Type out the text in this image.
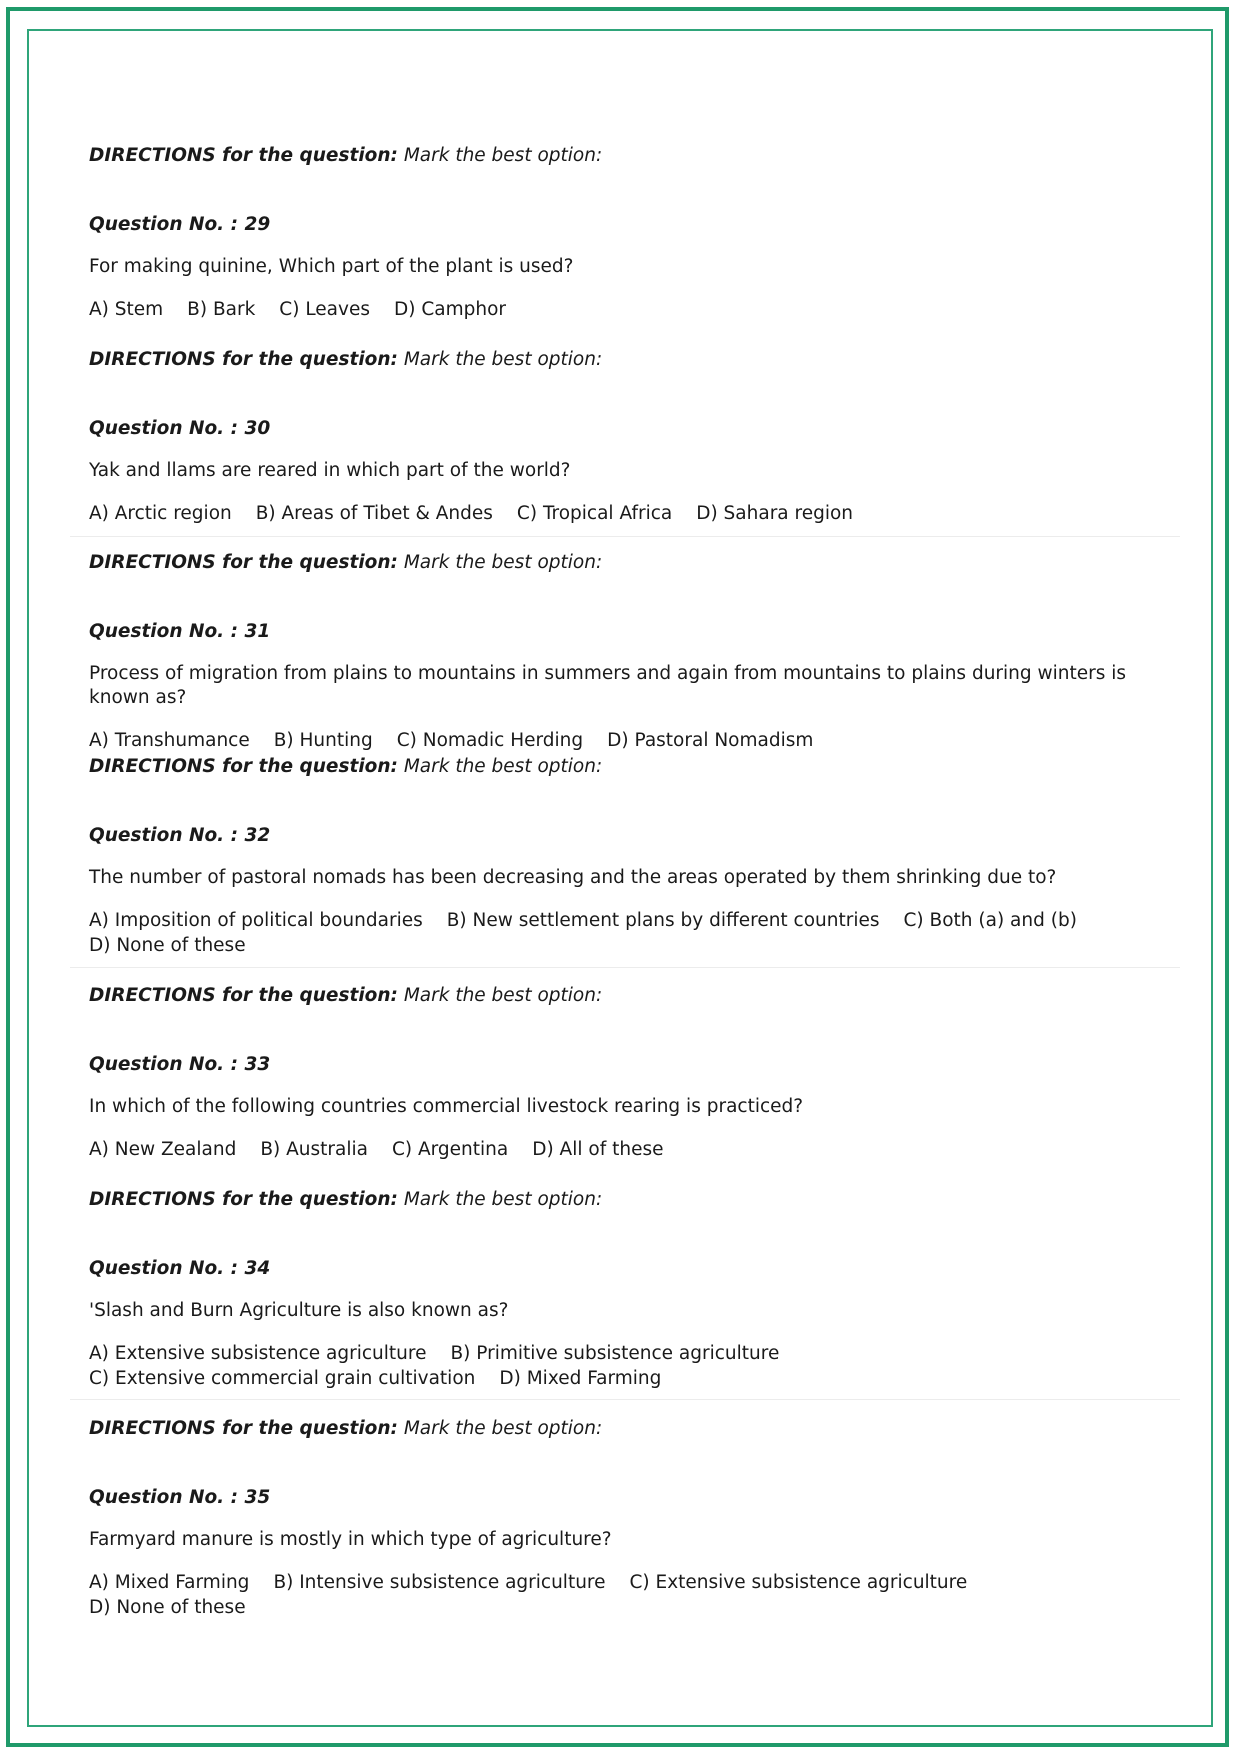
DIRECTIONS for the question: Mark the best option:
Question No. : 29
For making quinine, Which part of the plant is used?
A) Stem B) Bark C) Leaves D) Camphor
DIRECTIONS for the question: Mark the best option:
Question No. : 30
Yak and llams are reared in which part of the world?
A) Arctic region B) Areas of Tibet & Andes C) Tropical Africa D) Sahara region
DIRECTIONS for the question: Mark the best option:
Question No. : 31
Process of migration from plains to mountains in summers and again from mountains to plains during winters is known as?
A) Transhumance B) Hunting C) Nomadic Herding D) Pastoral Nomadism
DIRECTIONS for the question: Mark the best option:
Question No. : 32
The number of pastoral nomads has been decreasing and the areas operated by them shrinking due to?
A) Imposition of political boundaries B) New settlement plans by different countries C) Both (a) and (b)
D) None of these
DIRECTIONS for the question: Mark the best option:
Question No. : 33
In which of the following countries commercial livestock rearing is practiced?
A) New Zealand B) Australia C) Argentina D) All of these
DIRECTIONS for the question: Mark the best option:
Question No. : 34
'Slash and Burn Agriculture is also known as?
A) Extensive subsistence agriculture B) Primitive subsistence agriculture
C) Extensive commercial grain cultivation D) Mixed Farming
DIRECTIONS for the question: Mark the best option:
Question No. : 35
Farmyard manure is mostly in which type of agriculture?
A) Mixed Farming B) Intensive subsistence agriculture C) Extensive subsistence agriculture
D) None of these
